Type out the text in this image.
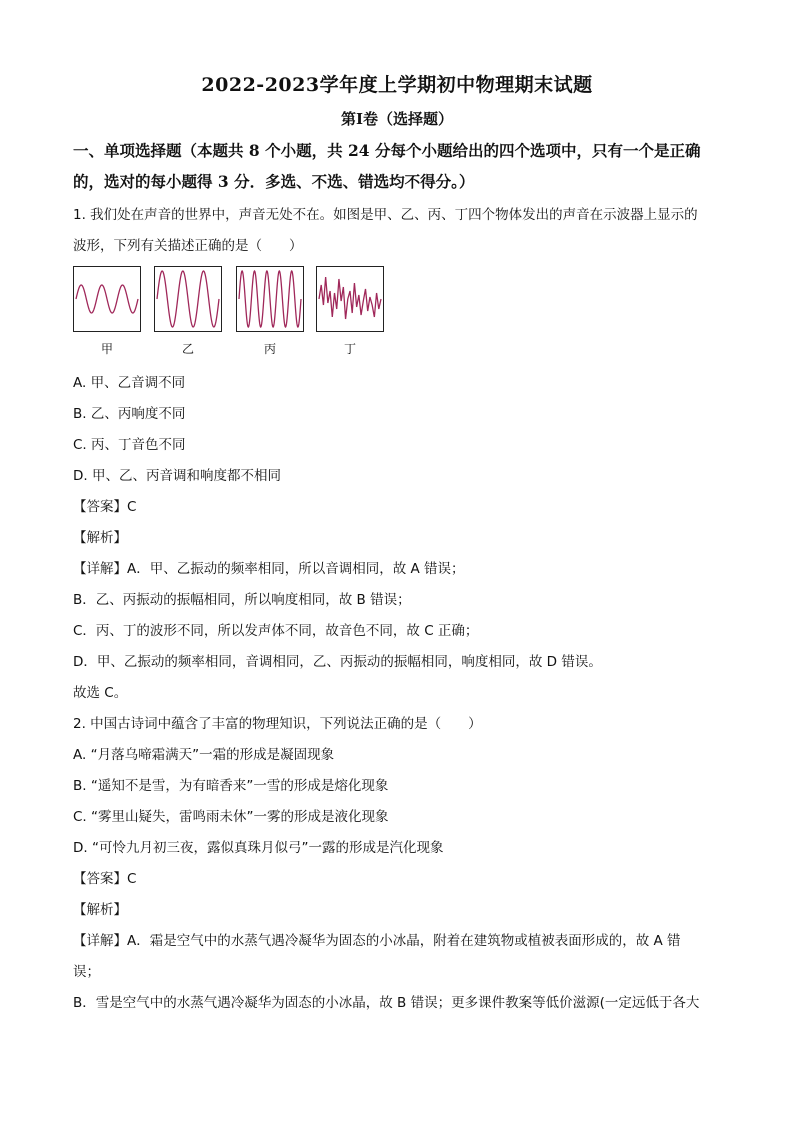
2022-2023学年度上学期初中物理期末试题
第Ⅰ卷（选择题）
一、单项选择题（本题共 8 个小题，共 24 分每个小题给出的四个选项中，只有一个是正确
的，选对的每小题得 3 分．多选、不选、错选均不得分。）
1. 我们处在声音的世界中，声音无处不在。如图是甲、乙、丙、丁四个物体发出的声音在示波器上显示的
波形，下列有关描述正确的是（　　）
甲	乙	丙	丁
A. 甲、乙音调不同
B. 乙、丙响度不同
C. 丙、丁音色不同
D. 甲、乙、丙音调和响度都不相同
【答案】C
【解析】
【详解】A．甲、乙振动的频率相同，所以音调相同，故 A 错误；
B．乙、丙振动的振幅相同，所以响度相同，故 B 错误；
C．丙、丁的波形不同，所以发声体不同，故音色不同，故 C 正确；
D．甲、乙振动的频率相同，音调相同，乙、丙振动的振幅相同，响度相同，故 D 错误。
故选 C。
2. 中国古诗词中蕴含了丰富的物理知识，下列说法正确的是（　　）
A. “月落乌啼霜满天”一霜的形成是凝固现象
B. “遥知不是雪，为有暗香来”一雪的形成是熔化现象
C. “雾里山疑失，雷鸣雨未休”一雾的形成是液化现象
D. “可怜九月初三夜，露似真珠月似弓”一露的形成是汽化现象
【答案】C
【解析】
【详解】A．霜是空气中的水蒸气遇冷凝华为固态的小冰晶，附着在建筑物或植被表面形成的，故 A 错
误；
B．雪是空气中的水蒸气遇冷凝华为固态的小冰晶，故 B 错误；更多课件教案等低价滋源(一定远低于各大
